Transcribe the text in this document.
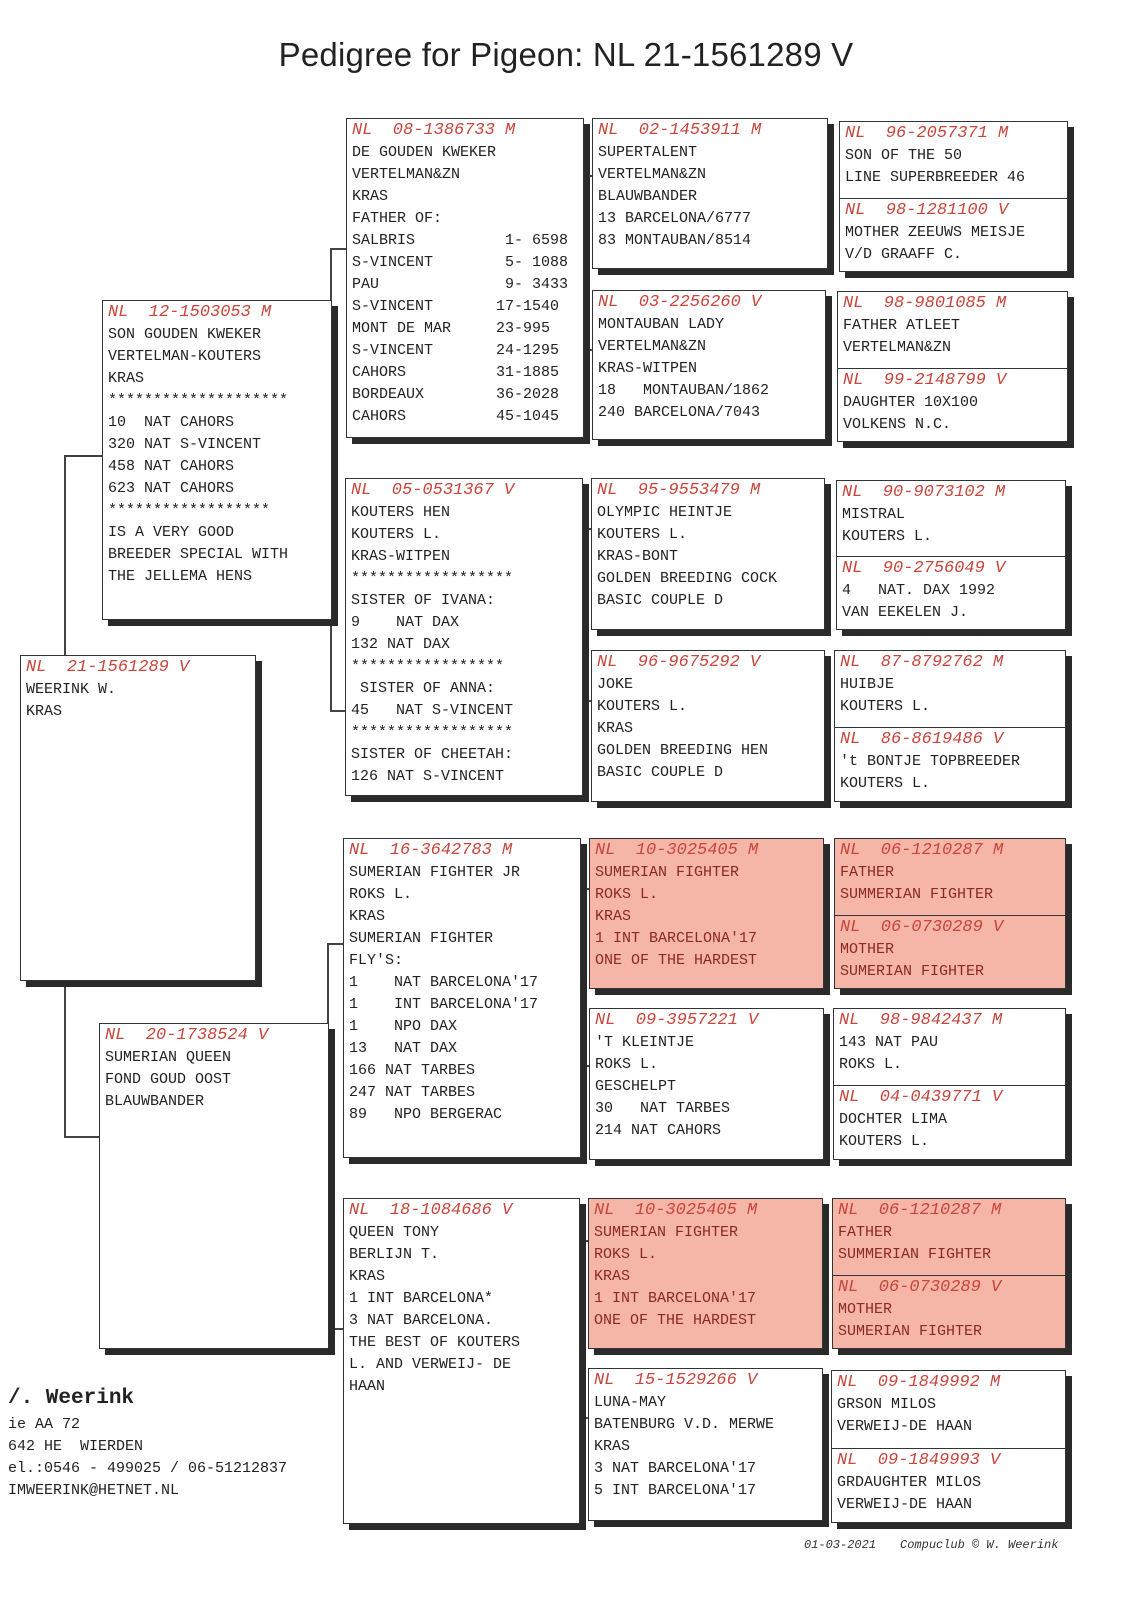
Pedigree for Pigeon: NL 21-1561289 V
NL  21-1561289 V
WEERINK W.
KRAS
NL  12-1503053 M
SON GOUDEN KWEKER
VERTELMAN-KOUTERS
KRAS
********************
10  NAT CAHORS
320 NAT S-VINCENT
458 NAT CAHORS
623 NAT CAHORS
******************
IS A VERY GOOD
BREEDER SPECIAL WITH
THE JELLEMA HENS
NL  20-1738524 V
SUMERIAN QUEEN
FOND GOUD OOST
BLAUWBANDER
NL  08-1386733 M
DE GOUDEN KWEKER
VERTELMAN&ZN
KRAS
FATHER OF:
SALBRIS          1- 6598
S-VINCENT        5- 1088
PAU              9- 3433
S-VINCENT       17-1540
MONT DE MAR     23-995
S-VINCENT       24-1295
CAHORS          31-1885
BORDEAUX        36-2028
CAHORS          45-1045
NL  05-0531367 V
KOUTERS HEN
KOUTERS L.
KRAS-WITPEN
******************
SISTER OF IVANA:
9    NAT DAX
132 NAT DAX
*****************
SISTER OF ANNA:
45   NAT S-VINCENT
******************
SISTER OF CHEETAH:
126 NAT S-VINCENT
NL  16-3642783 M
SUMERIAN FIGHTER JR
ROKS L.
KRAS
SUMERIAN FIGHTER
FLY'S:
1    NAT BARCELONA'17
1    INT BARCELONA'17
1    NPO DAX
13   NAT DAX
166 NAT TARBES
247 NAT TARBES
89   NPO BERGERAC
NL  18-1084686 V
QUEEN TONY
BERLIJN T.
KRAS
1 INT BARCELONA*
3 NAT BARCELONA.
THE BEST OF KOUTERS
L. AND VERWEIJ- DE
HAAN
NL  02-1453911 M
SUPERTALENT
VERTELMAN&ZN
BLAUWBANDER
13 BARCELONA/6777
83 MONTAUBAN/8514
NL  03-2256260 V
MONTAUBAN LADY
VERTELMAN&ZN
KRAS-WITPEN
18   MONTAUBAN/1862
240 BARCELONA/7043
NL  95-9553479 M
OLYMPIC HEINTJE
KOUTERS L.
KRAS-BONT
GOLDEN BREEDING COCK
BASIC COUPLE D
NL  96-9675292 V
JOKE
KOUTERS L.
KRAS
GOLDEN BREEDING HEN
BASIC COUPLE D
NL  10-3025405 M
SUMERIAN FIGHTER
ROKS L.
KRAS
1 INT BARCELONA'17
ONE OF THE HARDEST
NL  09-3957221 V
'T KLEINTJE
ROKS L.
GESCHELPT
30   NAT TARBES
214 NAT CAHORS
NL  10-3025405 M
SUMERIAN FIGHTER
ROKS L.
KRAS
1 INT BARCELONA'17
ONE OF THE HARDEST
NL  15-1529266 V
LUNA-MAY
BATENBURG V.D. MERWE
KRAS
3 NAT BARCELONA'17
5 INT BARCELONA'17
NL  96-2057371 M
SON OF THE 50
LINE SUPERBREEDER 46
NL  98-1281100 V
MOTHER ZEEUWS MEISJE
V/D GRAAFF C.
NL  98-9801085 M
FATHER ATLEET
VERTELMAN&ZN
NL  99-2148799 V
DAUGHTER 10X100
VOLKENS N.C.
NL  90-9073102 M
MISTRAL
KOUTERS L.
NL  90-2756049 V
4   NAT. DAX 1992
VAN EEKELEN J.
NL  87-8792762 M
HUIBJE
KOUTERS L.
NL  86-8619486 V
't BONTJE TOPBREEDER
KOUTERS L.
NL  06-1210287 M
FATHER
SUMMERIAN FIGHTER
NL  06-0730289 V
MOTHER
SUMERIAN FIGHTER
NL  98-9842437 M
143 NAT PAU
ROKS L.
NL  04-0439771 V
DOCHTER LIMA
KOUTERS L.
NL  06-1210287 M
FATHER
SUMMERIAN FIGHTER
NL  06-0730289 V
MOTHER
SUMERIAN FIGHTER
NL  09-1849992 M
GRSON MILOS
VERWEIJ-DE HAAN
NL  09-1849993 V
GRDAUGHTER MILOS
VERWEIJ-DE HAAN
/. Weerink
ie AA 72
642 HE  WIERDEN
el.:0546 - 499025 / 06-51212837
IMWEERINK@HETNET.NL
01-03-2021 Compuclub © W. Weerink
